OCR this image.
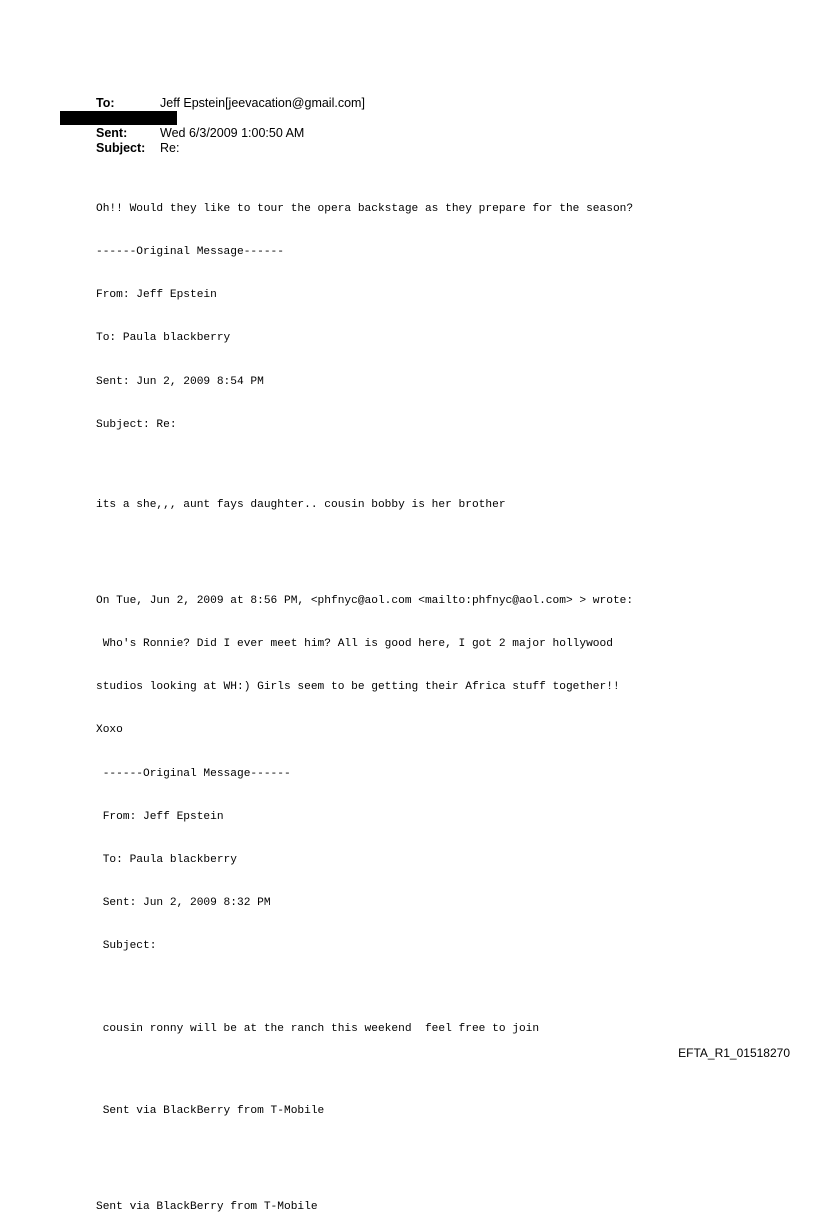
To:	Jeff Epstein[jeevacation@gmail.com]
Sent:	Wed 6/3/2009 1:00:50 AM
Subject: Re:

Oh!! Would they like to tour the opera backstage as they prepare for the season?

------Original Message------

From: Jeff Epstein

To: Paula blackberry

Sent: Jun 2, 2009 8:54 PM

Subject: Re:

its a she,,, aunt fays daughter.. cousin bobby is her brother

On Tue, Jun 2, 2009 at 8:56 PM, <phfnyc@aol.com <mailto:phfnyc@aol.com> > wrote:

Who's Ronnie? Did I ever meet him? All is good here, I got 2 major hollywood

studios looking at WH:) Girls seem to be getting their Africa stuff together!!

Xoxo

------Original Message------

From: Jeff Epstein

To: Paula blackberry

Sent: Jun 2, 2009 8:32 PM

Subject:

cousin ronny will be at the ranch this weekend  feel free to join

Sent via BlackBerry from T-Mobile

Sent via BlackBerry from T-Mobile

EFTA_R1_01518270
